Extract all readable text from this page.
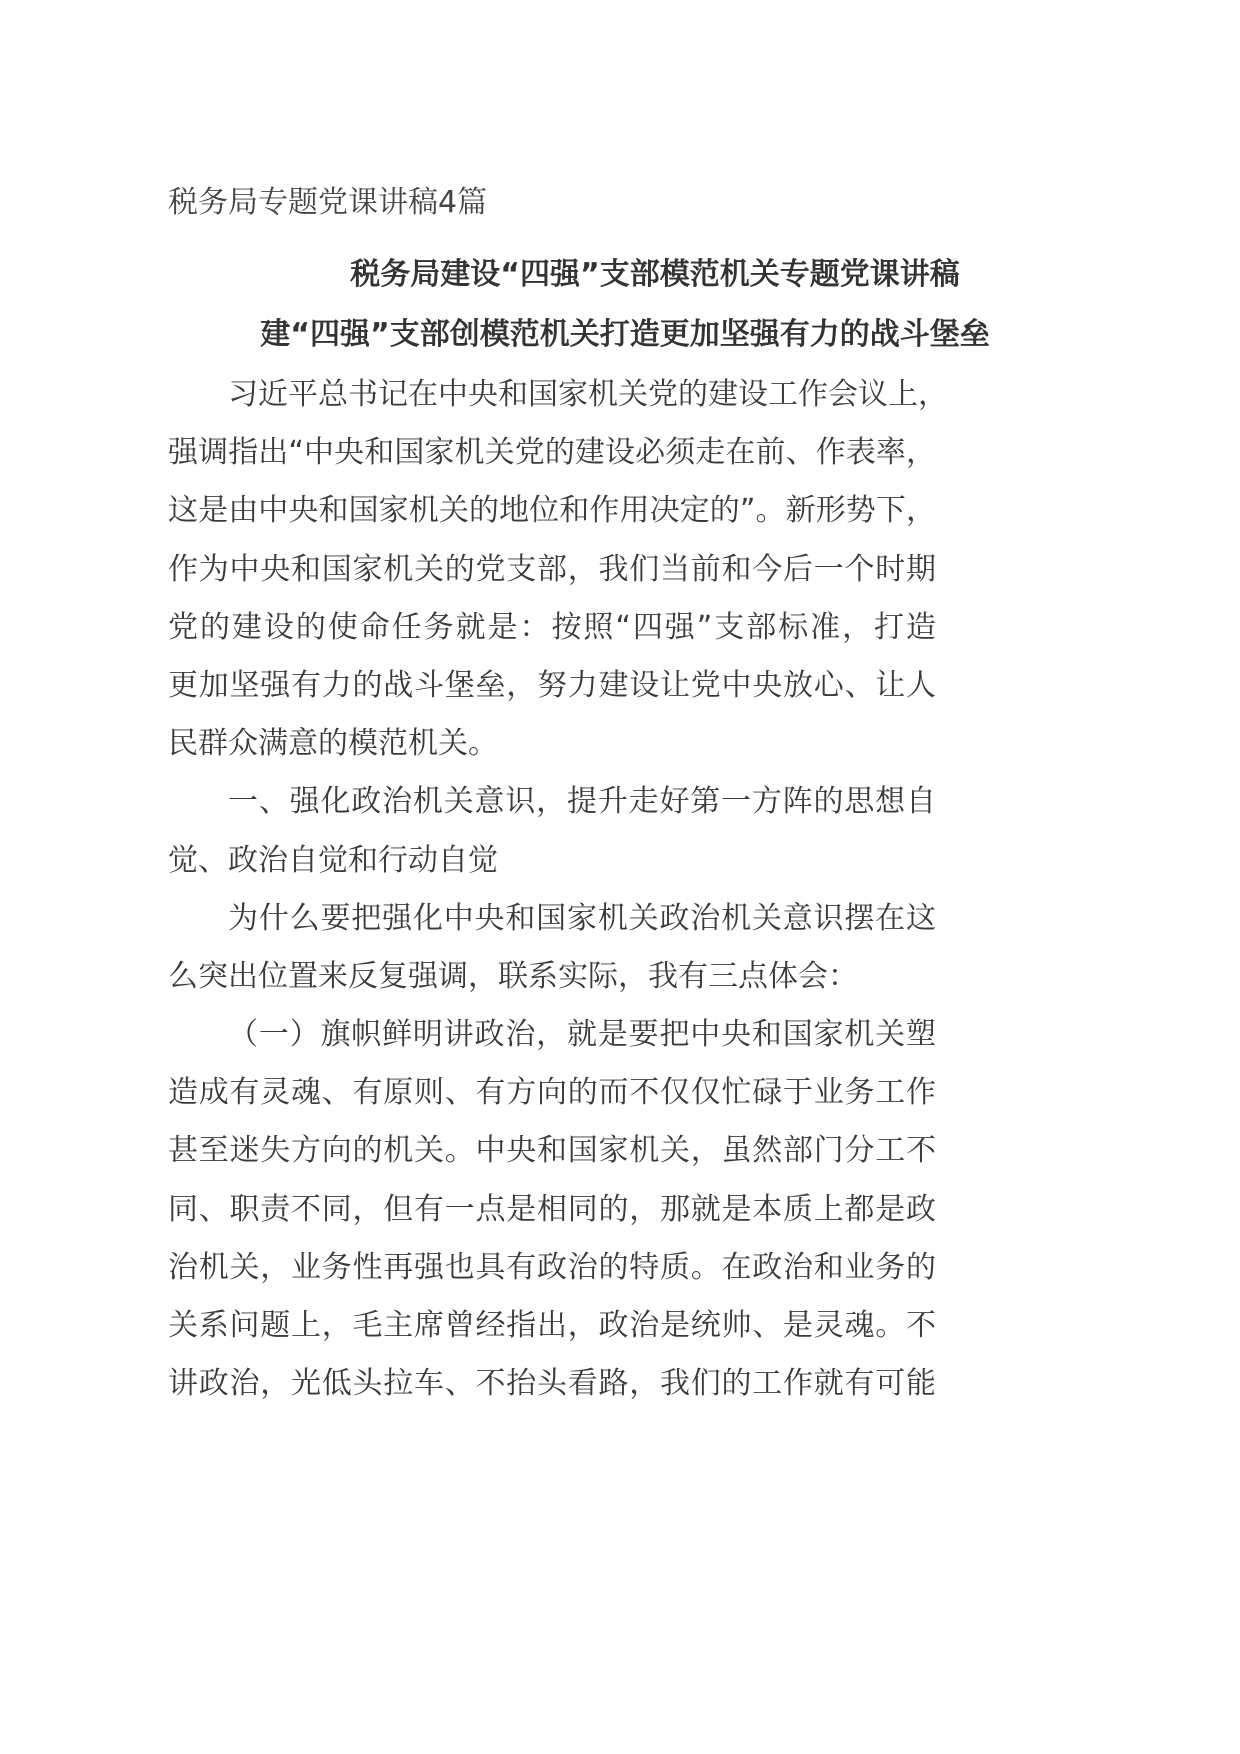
税务局专题党课讲稿4篇
税务局建设“四强”支部模范机关专题党课讲稿
建“四强”支部创模范机关打造更加坚强有力的战斗堡垒
习近平总书记在中央和国家机关党的建设工作会议上，
强调指出“中央和国家机关党的建设必须走在前、作表率，
这是由中央和国家机关的地位和作用决定的”。新形势下，
作为中央和国家机关的党支部，我们当前和今后一个时期
党的建设的使命任务就是：按照“四强”支部标准，打造
更加坚强有力的战斗堡垒，努力建设让党中央放心、让人
民群众满意的模范机关。
一、强化政治机关意识，提升走好第一方阵的思想自
觉、政治自觉和行动自觉
为什么要把强化中央和国家机关政治机关意识摆在这
么突出位置来反复强调，联系实际，我有三点体会：
（一）旗帜鲜明讲政治，就是要把中央和国家机关塑
造成有灵魂、有原则、有方向的而不仅仅忙碌于业务工作
甚至迷失方向的机关。中央和国家机关，虽然部门分工不
同、职责不同，但有一点是相同的，那就是本质上都是政
治机关，业务性再强也具有政治的特质。在政治和业务的
关系问题上，毛主席曾经指出，政治是统帅、是灵魂。不
讲政治，光低头拉车、不抬头看路，我们的工作就有可能
